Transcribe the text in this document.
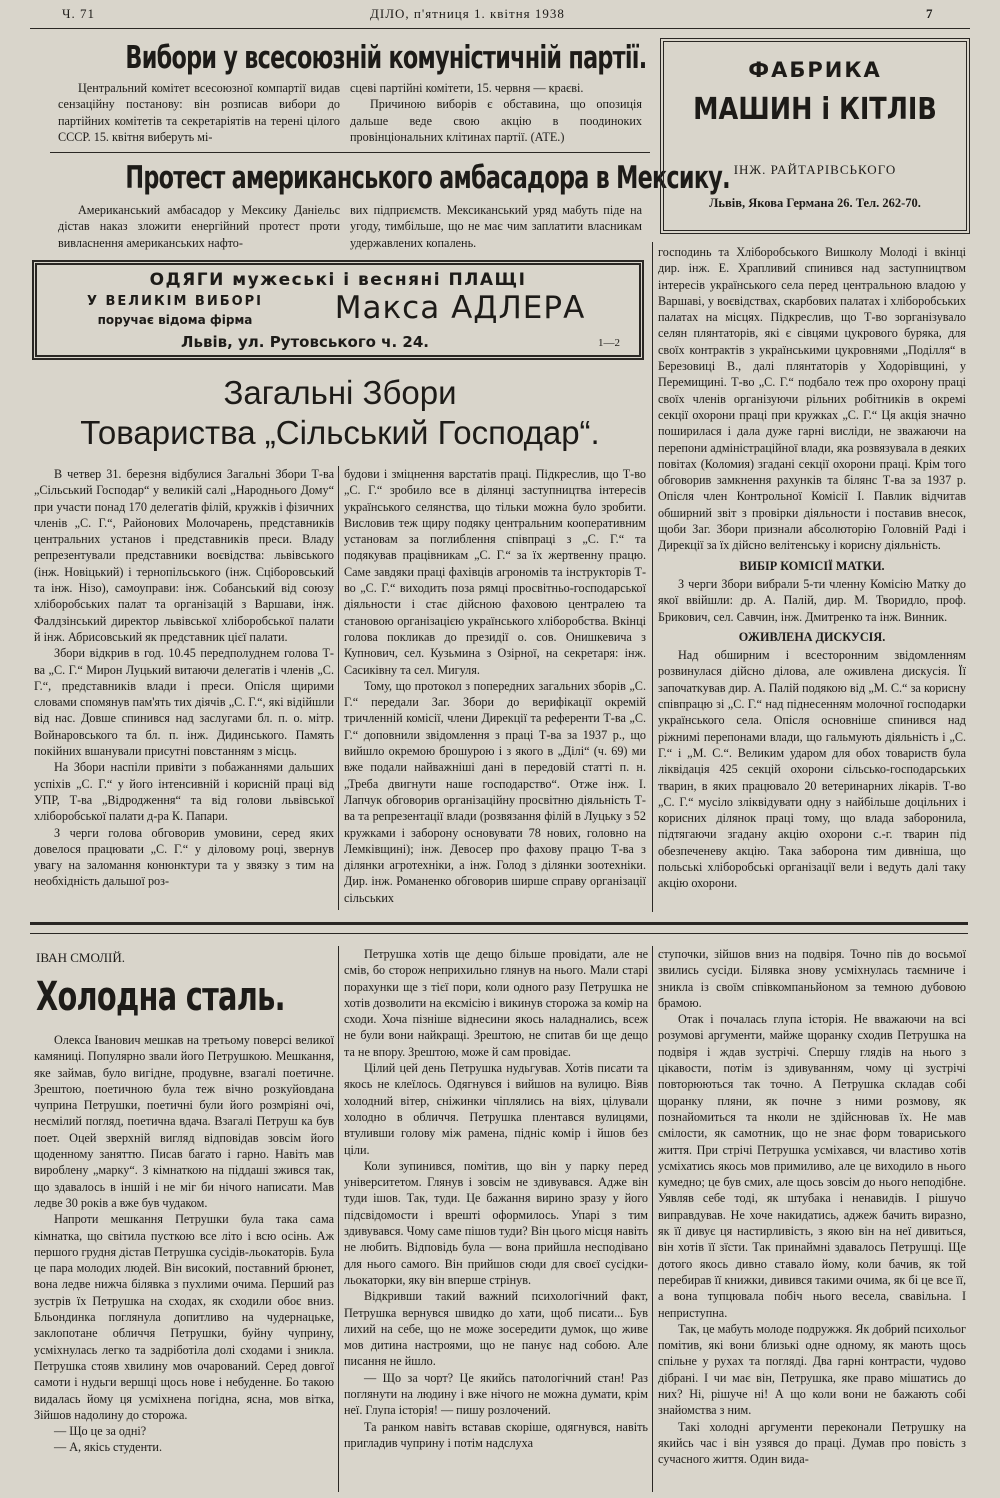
Ч. 71	ДІЛО, п'ятниця 1. квітня 1938	7
Вибори у всесоюзній комуністичній партії.

Центральний комітет всесоюзної компартії видав сензаційну постанову: він розписав вибори до партійних комітетів та секретаріятів на терені цілого СССР. 15. квітня виберуть мі-

сцеві партійні комітети, 15. червня — краєві.

Причиною виборів є обставина, що опозиція дальше веде свою акцію в поодиноких провінціональних клітинах партії. (АТЕ.)

Протест американського амбасадора в Мексику.

Американський амбасадор у Мексику Даніельс дістав наказ зложити енергійний протест проти вивласнення американських нафто-

вих підприємств. Мексиканський уряд мабуть піде на угоду, тимбільше, що не має чим заплатити власникам удержавлених копалень.

ФАБРИКА
МАШИН і КІТЛІВ
ІНЖ. РАЙТАРІВСЬКОГО
Львів, Якова Германа 26. Тел. 262-70.
ОДЯГИ мужеські і весняні ПЛАЩІ
У ВЕЛИКІМ ВИБОРІ
поручає відома фірма	Макса АДЛЕРА
Львів, ул. Рутовського ч. 24.	1—2
Загальні Збори
Товариства „Сільський Господар“.

В четвер 31. березня відбулися Загальні Збори Т-ва „Сільський Господар“ у великій салі „Народнього Дому“ при участи понад 170 делегатів філій, кружків і фізичних членів „С. Г.“, Районових Молочарень, представників центральних установ і представників преси. Владу репрезентували представники воєвідства: львівського (інж. Новіцький) і тернопільського (інж. Сціборовський та інж. Нізо), самоуправи: інж. Собанський від союзу хліборобських палат та організацій з Варшави, інж. Фалдзінський директор львівської хліборобської палати й інж. Абрисовський як представник цієї палати.

Збори відкрив в год. 10.45 передполуднем голова Т-ва „С. Г.“ Мирон Луцький витаючи делегатів і членів „С. Г.“, представників влади і преси. Опісля щирими словами спомянув пам'ять тих діячів „С. Г.“, які відійшли від нас. Довше спинився над заслугами бл. п. о. мітр. Войнаровського та бл. п. інж. Дидинського. Память покійних вшанували присутні повстанням з місць.

На Збори наспіли привіти з побажаннями дальших успіхів „С. Г.“ у його інтенсивній і корисній праці від УПР, Т-ва „Відродження“ та від голови львівської хліборобської палати д-ра К. Папари.

З черги голова обговорив умовини, серед яких довелося працювати „С. Г.“ у діловому році, звернув увагу на заломання конюнктури та у звязку з тим на необхідність дальшої роз-

будови і зміцнення варстатів праці. Підкреслив, що Т-во „С. Г.“ зробило все в ділянці заступництва інтересів українського селянства, що тільки можна було зробити. Висловив теж щиру подяку центральним кооперативним установам за поглиблення співпраці з „С. Г.“ та подякував працівникам „С. Г.“ за їх жертвенну працю. Саме завдяки праці фахівців агрономів та інструкторів Т-во „С. Г.“ виходить поза рямці просвітньо-господарської діяльности і стає дійсною фаховою централею та становою організацією українського хліборобства. Вкінці голова покликав до президії о. сов. Онишкевича з Купнович, сел. Кузьмина з Озірної, на секретаря: інж. Сасиківну та сел. Мигуля.

Тому, що протокол з попередних загальних зборів „С. Г.“ передали Заг. Збори до верифікації окремій тричленній комісії, члени Дирекції та референти Т-ва „С. Г.“ доповнили звідомлення з праці Т-ва за 1937 р., що вийшло окремою брошурою і з якого в „Ділі“ (ч. 69) ми вже подали найважніші дані в передовій статті п. н. „Треба двигнути наше господарство“. Отже інж. І. Лапчук обговорив організаційну просвітню діяльність Т-ва та репрезентації влади (розвязання філій в Луцьку з 52 кружками і заборону основувати 78 нових, головно на Лемківщині); інж. Девосер про фахову працю Т-ва з ділянки агротехніки, а інж. Голод з ділянки зоотехніки. Дир. інж. Романенко обговорив ширше справу організації сільських

господинь та Хліборобського Вишколу Молоді і вкінці дир. інж. Е. Храпливий спинився над заступництвом інтересів українського села перед центральною владою у Варшаві, у воєвідствах, скарбових палатах і хліборобських палатах на місцях. Підкреслив, що Т-во зорганізувало селян плянтаторів, які є сівцями цукрового буряка, для своїх контрактів з українськими цукровнями „Поділля“ в Березовиці В., далі плянтаторів у Ходорівщині, у Перемищині. Т-во „С. Г.“ подбало теж про охорону праці своїх членів організуючи рільних робітників в окремі секції охорони праці при кружках „С. Г.“ Ця акція значно поширилася і дала дуже гарні висліди, не зважаючи на перепони адміністраційної влади, яка розвязувала в деяких повітах (Коломия) згадані секції охорони праці. Крім того обговорив замкнення рахунків та білянс Т-ва за 1937 р. Опісля член Контрольної Комісії І. Павлик відчитав обширний звіт з провірки діяльности і поставив внесок, щоби Заг. Збори признали абсолюторію Головній Раді і Дирекції за їх дійсно велітенську і корисну діяльність.

ВИБІР КОМІСІЇ МАТКИ.

З черги Збори вибрали 5-ти членну Комісію Матку до якої ввійшли: др. А. Палій, дир. М. Творидло, проф. Брикович, сел. Савчин, інж. Дмитренко та інж. Винник.

ОЖИВЛЕНА ДИСКУСІЯ.

Над обширним і всесторонним звідомленням розвинулася дійсно ділова, але оживлена дискусія. Її започаткував дир. А. Палій подякою від „М. С.“ за корисну співпрацю зі „С. Г.“ над піднесенням молочної господарки українського села. Опісля основніше спинився над ріжнимі перепонами влади, що гальмують діяльність і „С. Г.“ і „М. С.“. Великим ударом для обох товариств була ліквідація 425 секцій охорони сільсько-господарських тварин, в яких працювало 20 ветеринарних лікарів. Т-во „С. Г.“ мусіло зліквідувати одну з найбільше доцільних і корисних ділянок праці тому, що влада заборонила, підтягаючи згадану акцію охорони с.-г. тварин під обезпеченеву акцію. Така заборона тим дивніша, що польські хліборобські організації вели і ведуть далі таку акцію охорони.

ІВАН СМОЛІЙ.
Холодна сталь.

Олекса Іванович мешкав на третьому поверсі великої камяниці. Популярно звали його Петрушкою. Мешкання, яке займав, було вигідне, продувне, взагалі поетичне. Зрештою, поетичною була теж вічно розкуйовдана чуприна Петрушки, поетичні були його розмріяні очі, несмілий погляд, поетична вдача. Взагалі Петруш ка був поет. Оцей зверхній вигляд відповідав зовсім його щоденному заняттю. Писав багато і гарно. Навіть мав вироблену „марку“. З кімнаткою на піддаші зжився так, що здавалось в іншій і не міг би нічого написати. Мав ледве 30 років а вже був чудаком.

Напроти мешкання Петрушки була така сама кімнатка, що світила пусткою все літо і всю осінь. Аж першого грудня дістав Петрушка сусідів-льокаторів. Була це пара молодих людей. Він високий, поставний брюнет, вона ледве нижча білявка з пухлими очима. Перший раз зустрів їх Петрушка на сходах, як сходили обоє вниз. Бльондинка поглянула допитливо на чудернацьке, заклопотане обличчя Петрушки, буйну чуприну, усміхнулась легко та задріботіла долі сходами і зникла. Петрушка стояв хвилину мов очарований. Серед довгої самоти і нудьги вершці щось нове і небуденне. Бо такою видалась йому ця усміхнена погідна, ясна, мов вітка, Зійшов надолину до сторожа.

— Що це за одні?

— А, якісь студенти.

Петрушка хотів ще дещо більше провідати, але не смів, бо сторож неприхильно глянув на нього. Мали старі порахунки ще з тієї пори, коли одного разу Петрушка не хотів дозволити на ексмісію і викинув сторожа за комір на сходи. Хоча пізніше віднесини якось наладнались, всеж не були вони найкращі. Зрештою, не спитав би ще дещо та не впору. Зрештою, може й сам провідає.

Цілий цей день Петрушка нудьгував. Хотів писати та якось не клеїлось. Одягнувся і вийшов на вулицю. Віяв холодний вітер, сніжинки чіплялись на віях, цілували холодно в обличчя. Петрушка плентався вулицями, втуливши голову між рамена, підніс комір і йшов без ціли.

Коли зупинився, помітив, що він у парку перед університетом. Глянув і зовсім не здивувався. Адже він туди ішов. Так, туди. Це бажання вирино зразу у його підсвідомости і врешті оформилось. Упарі з тим здивувався. Чому саме пішов туди? Він цього місця навіть не любить. Відповідь була — вона прийшла несподівано для нього самого. Він прийшов сюди для своєї сусідки-льокаторки, яку він вперше стрінув.

Відкривши такий важний психологічний факт, Петрушка вернувся швидко до хати, щоб писати... Був лихий на себе, що не може зосередити думок, що живе мов дитина настроями, що не панує над собою. Але писання не йшло.

— Що за чорт? Це якийсь патологічний стан! Раз поглянути на людину і вже нічого не можна думати, крім неї. Глупа історія! — пишу розлочений.

Та ранком навіть вставав скоріше, одягнувся, навіть пригладив чуприну і потім надслуха

ступочки, зійшов вниз на подвіря. Точно пів до восьмої звились сусіди. Білявка знову усміхнулась таємниче і зникла із своїм співкомпаньйоном за темною дубовою брамою.

Отак і почалась глупа історія. Не вважаючи на всі розумові аргументи, майже щоранку сходив Петрушка на подвіря і ждав зустрічі. Спершу глядів на нього з цікавости, потім із здивуванням, чому ці зустрічі повторюються так точно. А Петрушка складав собі щоранку пляни, як почне з ними розмову, як познайомиться та нколи не здійснював їх. Не мав смілости, як самотник, що не знає форм товариського життя. При стрічі Петрушка усміхався, чи властиво хотів усміхатись якось мов примиливо, але це виходило в нього кумедно; це був смих, але щось зовсім до нього неподібне. Уявляв себе тоді, як штубака і ненавидів. І рішучо виправдував. Не хоче накидатись, аджеж бачить виразно, як її дивує ця настирливість, з якою він на неї дивиться, він хотів її зїсти. Так принаймні здавалось Петрушці. Ще дотого якось дивно ставало йому, коли бачив, як той перебирав її книжки, дивився такими очима, як бі це все її, а вона тупцювала побіч нього весела, свавільна. І неприступна.

Так, це мабуть молоде подружжя. Як добрий психольог помітив, які вони близькі одне одному, як мають щось спільне у рухах та погляді. Два гарні контрасти, чудово дібрані. І чи має він, Петрушка, яке право мішатись до них? Ні, рішуче ні! А що коли вони не бажають собі знайомства з ним.

Такі холодні аргументи переконали Петрушку на якийсь час і він узявся до праці. Думав про повість з сучасного життя. Один вида-
